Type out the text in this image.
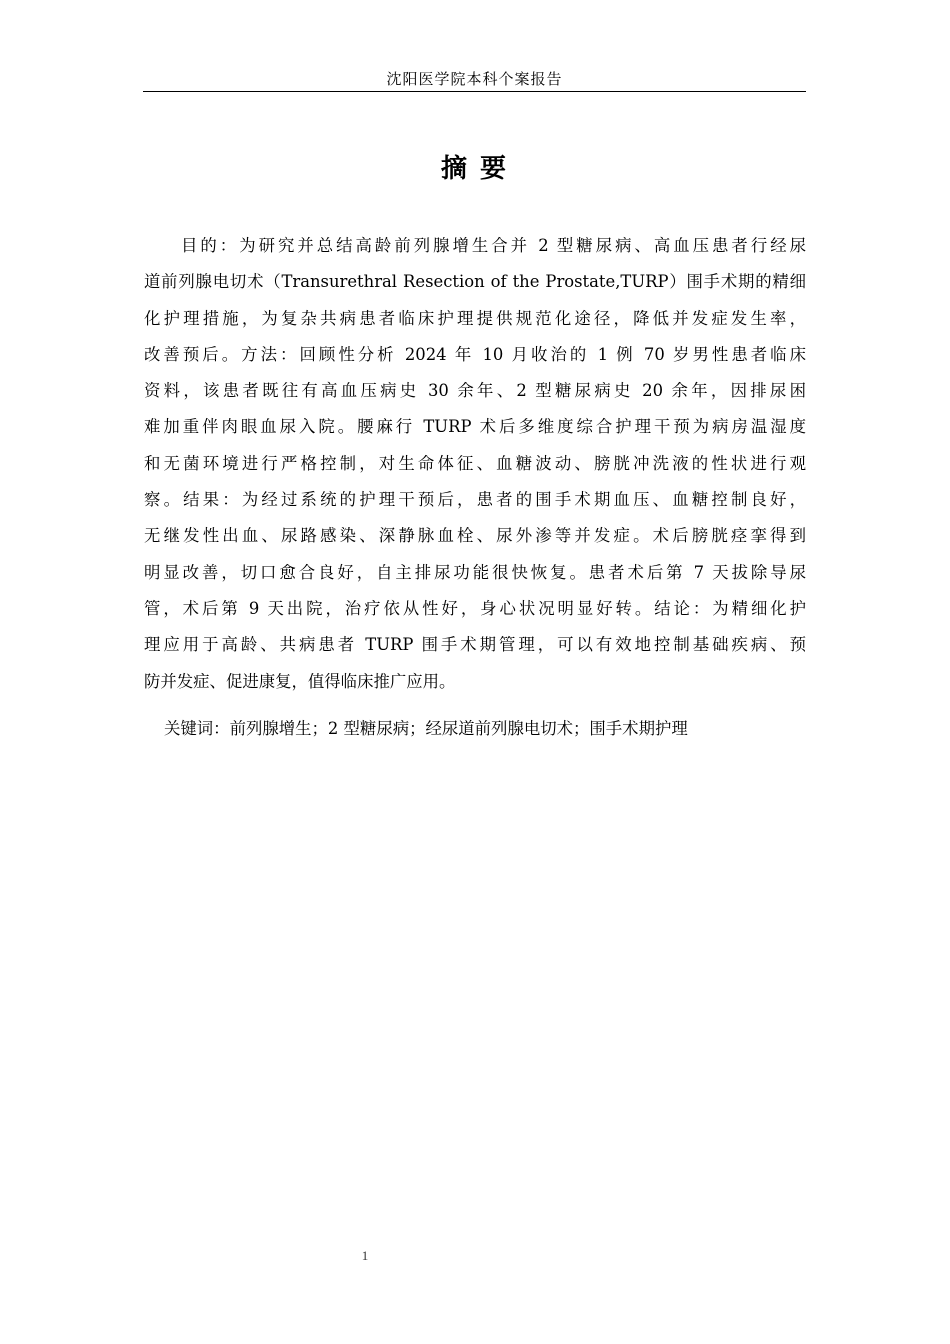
沈阳医学院本科个案报告
摘 要
目的：为研究并总结高龄前列腺增生合并 2 型糖尿病、高血压患者行经尿
道前列腺电切术（Transurethral Resection of the Prostate,TURP）围手术期的精细
化护理措施，为复杂共病患者临床护理提供规范化途径，降低并发症发生率，
改善预后。方法：回顾性分析 2024 年 10 月收治的 1 例 70 岁男性患者临床
资料，该患者既往有高血压病史 30 余年、2 型糖尿病史 20 余年，因排尿困
难加重伴肉眼血尿入院。腰麻行 TURP 术后多维度综合护理干预为病房温湿度
和无菌环境进行严格控制，对生命体征、血糖波动、膀胱冲洗液的性状进行观
察。结果：为经过系统的护理干预后，患者的围手术期血压、血糖控制良好，
无继发性出血、尿路感染、深静脉血栓、尿外渗等并发症。术后膀胱痉挛得到
明显改善，切口愈合良好，自主排尿功能很快恢复。患者术后第 7 天拔除导尿
管，术后第 9 天出院，治疗依从性好，身心状况明显好转。结论：为精细化护
理应用于高龄、共病患者 TURP 围手术期管理，可以有效地控制基础疾病、预
防并发症、促进康复，值得临床推广应用。
关键词：前列腺增生；2 型糖尿病；经尿道前列腺电切术；围手术期护理
1
